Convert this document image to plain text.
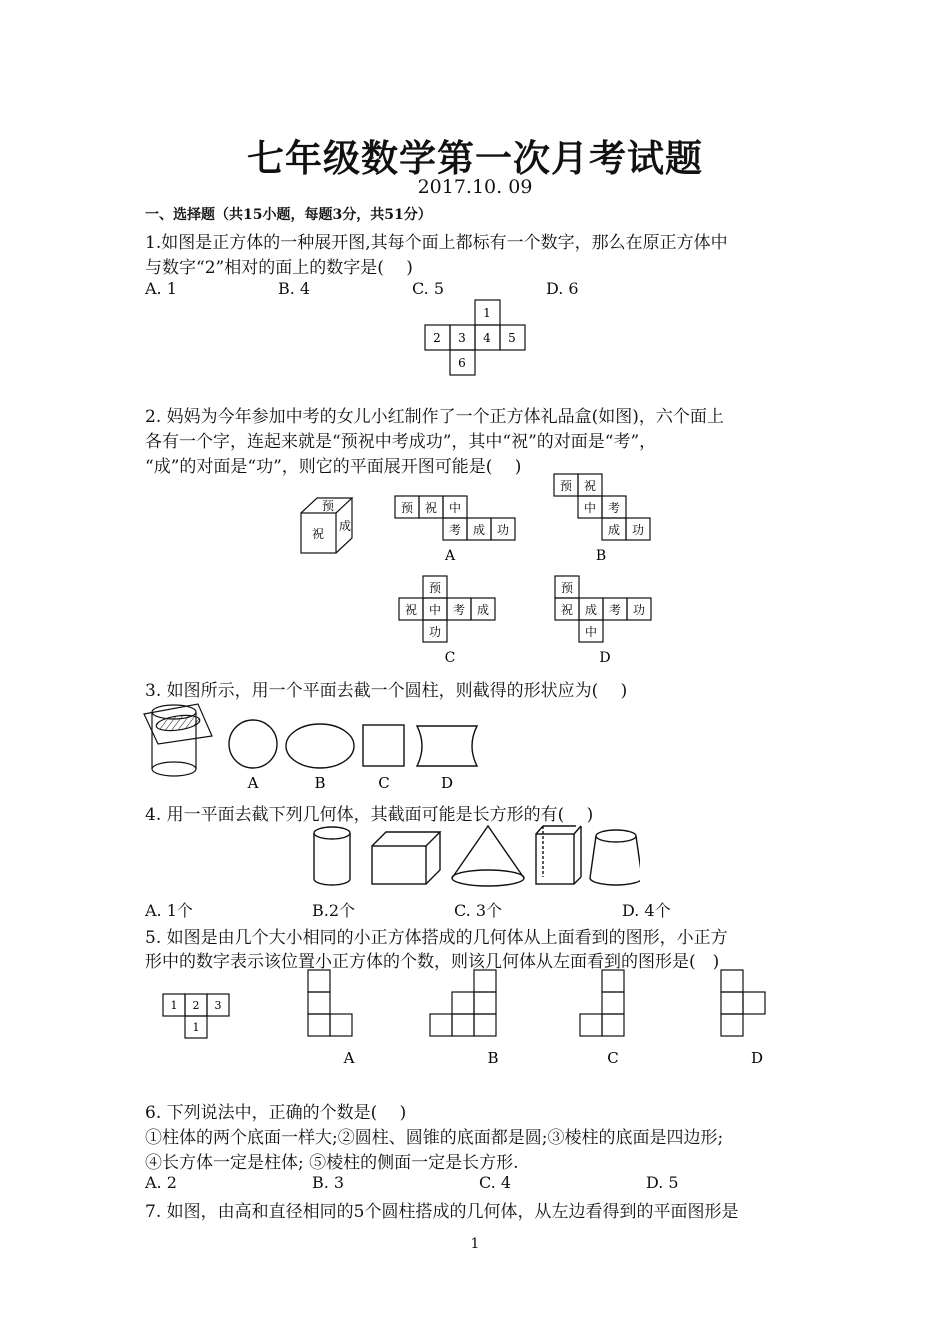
七年级数学第一次月考试题
2017.10. 09
一、选择题（共15小题，每题3分，共51分）
1.如图是正方体的一种展开图,其每个面上都标有一个数字，那么在原正方体中
与数字“2”相对的面上的数字是(　 )
A. 1	B. 4	C. 5	D. 6
1
2 3 4 5
6
2. 妈妈为今年参加中考的女儿小红制作了一个正方体礼品盒(如图)，六个面上
各有一个字，连起来就是“预祝中考成功”，其中“祝”的对面是“考”，
“成”的对面是“功”，则它的平面展开图可能是(　 )
预
祝
成
预 祝 中
考 成 功
A
预 祝
中 考
成 功
B
预
祝 中 考 成
功
C
预
祝 成 考 功
中
D
3. 如图所示，用一个平面去截一个圆柱，则截得的形状应为(　 )
A	B	C	D
4. 用一平面去截下列几何体，其截面可能是长方形的有(　 )
A. 1个	B.2个	C. 3个	D. 4个
5. 如图是由几个大小相同的小正方体搭成的几何体从上面看到的图形，小正方
形中的数字表示该位置小正方体的个数，则该几何体从左面看到的图形是(　)
1 2 3
1
A	B	C	D
6. 下列说法中，正确的个数是(　 )
①柱体的两个底面一样大;②圆柱、圆锥的底面都是圆;③棱柱的底面是四边形;
④长方体一定是柱体; ⑤棱柱的侧面一定是长方形.
A. 2	B. 3	C. 4	D. 5
7. 如图，由高和直径相同的5个圆柱搭成的几何体，从左边看得到的平面图形是
1
